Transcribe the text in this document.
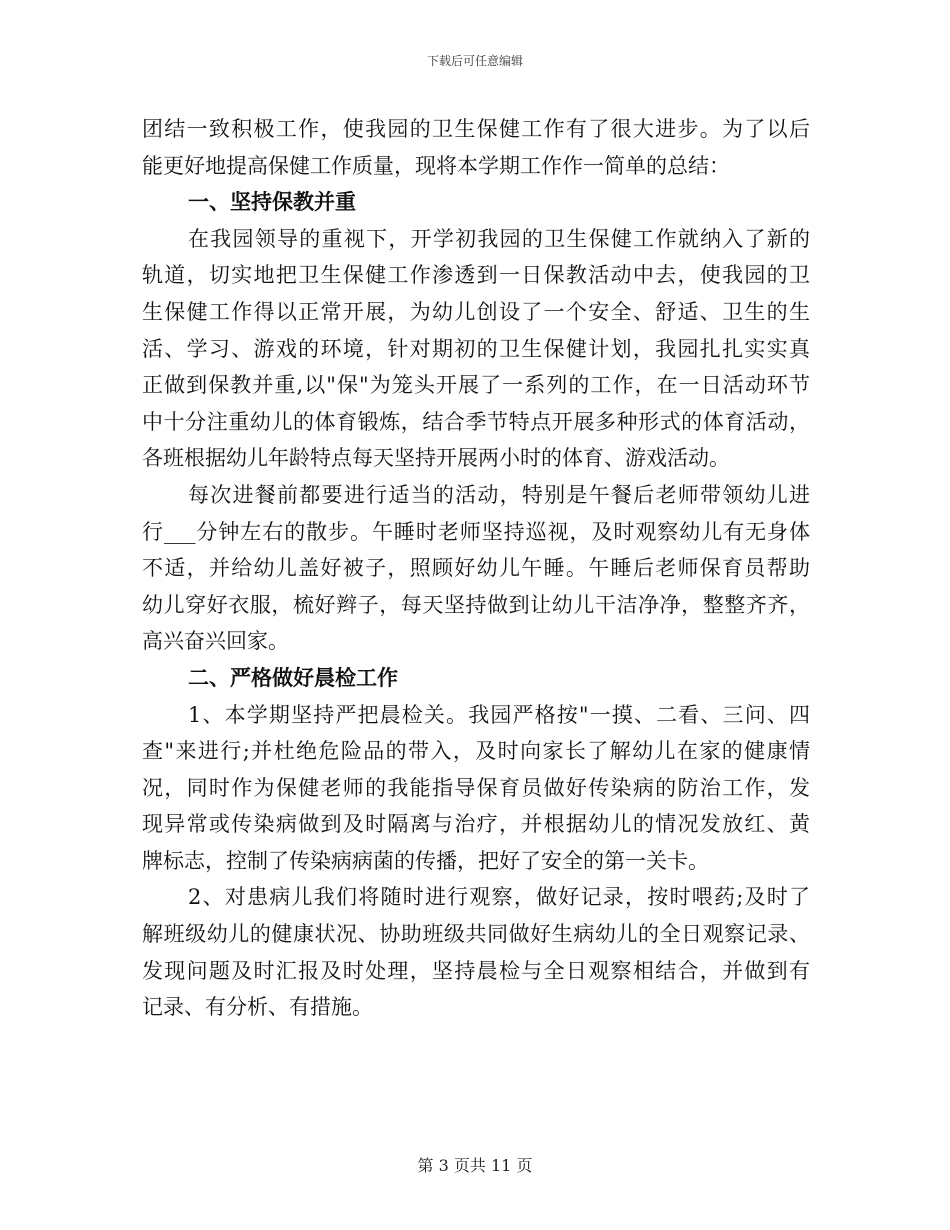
下载后可任意编辑
团结一致积极工作，使我园的卫生保健工作有了很大进步。为了以后
能更好地提高保健工作质量，现将本学期工作作一简单的总结：
一、坚持保教并重
在我园领导的重视下，开学初我园的卫生保健工作就纳入了新的
轨道，切实地把卫生保健工作渗透到一日保教活动中去，使我园的卫
生保健工作得以正常开展，为幼儿创设了一个安全、舒适、卫生的生
活、学习、游戏的环境，针对期初的卫生保健计划，我园扎扎实实真
正做到保教并重,以"保"为笼头开展了一系列的工作，在一日活动环节
中十分注重幼儿的体育锻炼，结合季节特点开展多种形式的体育活动，
各班根据幼儿年龄特点每天坚持开展两小时的体育、游戏活动。
每次进餐前都要进行适当的活动，特别是午餐后老师带领幼儿进
行___分钟左右的散步。午睡时老师坚持巡视，及时观察幼儿有无身体
不适，并给幼儿盖好被子，照顾好幼儿午睡。午睡后老师保育员帮助
幼儿穿好衣服，梳好辫子，每天坚持做到让幼儿干洁净净，整整齐齐，
高兴奋兴回家。
二、严格做好晨检工作
1、本学期坚持严把晨检关。我园严格按"一摸、二看、三问、四
查"来进行;并杜绝危险品的带入，及时向家长了解幼儿在家的健康情
况，同时作为保健老师的我能指导保育员做好传染病的防治工作，发
现异常或传染病做到及时隔离与治疗，并根据幼儿的情况发放红、黄
牌标志，控制了传染病病菌的传播，把好了安全的第一关卡。
2、对患病儿我们将随时进行观察，做好记录，按时喂药;及时了
解班级幼儿的健康状况、协助班级共同做好生病幼儿的全日观察记录、
发现问题及时汇报及时处理，坚持晨检与全日观察相结合，并做到有
记录、有分析、有措施。
第 3 页共 11 页
